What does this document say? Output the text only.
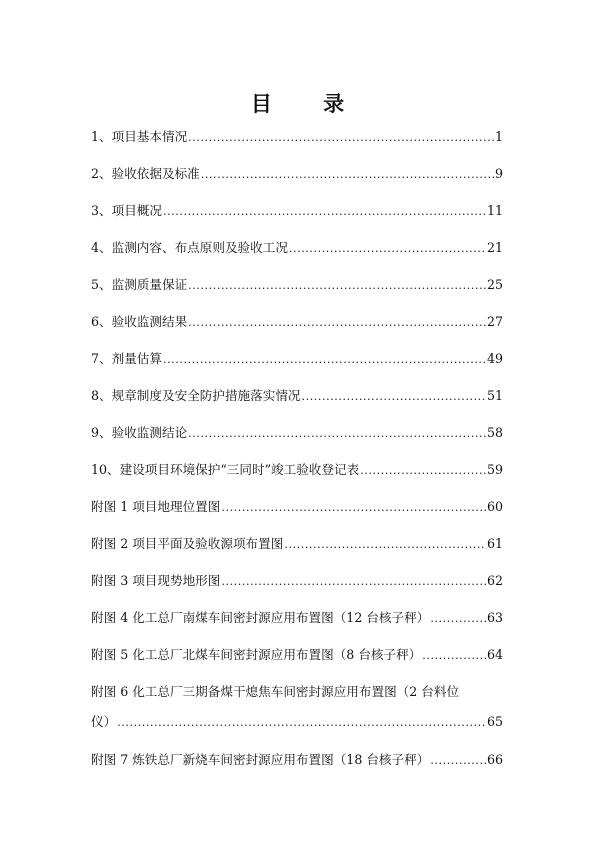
目 录
1、项目基本情况 .....	1
2、验收依据及标准 .....	9
3、项目概况 .....	11
4、监测内容、布点原则及验收工况 .....	21
5、监测质量保证 .....	25
6、验收监测结果 .....	27
7、剂量估算 .....	49
8、规章制度及安全防护措施落实情况 .....	51
9、验收监测结论 .....	58
10、建设项目环境保护“三同时”竣工验收登记表 .....	59
附图 1 项目地理位置图 .....	60
附图 2 项目平面及验收源项布置图 .....	61
附图 3 项目现势地形图 .....	62
附图 4 化工总厂南煤车间密封源应用布置图（12 台核子秤） .....	63
附图 5 化工总厂北煤车间密封源应用布置图（8 台核子秤） .....	64
附图 6 化工总厂三期备煤干熄焦车间密封源应用布置图（2 台料位
仪） .....	65
附图 7 炼铁总厂新烧车间密封源应用布置图（18 台核子秤） .....	66
